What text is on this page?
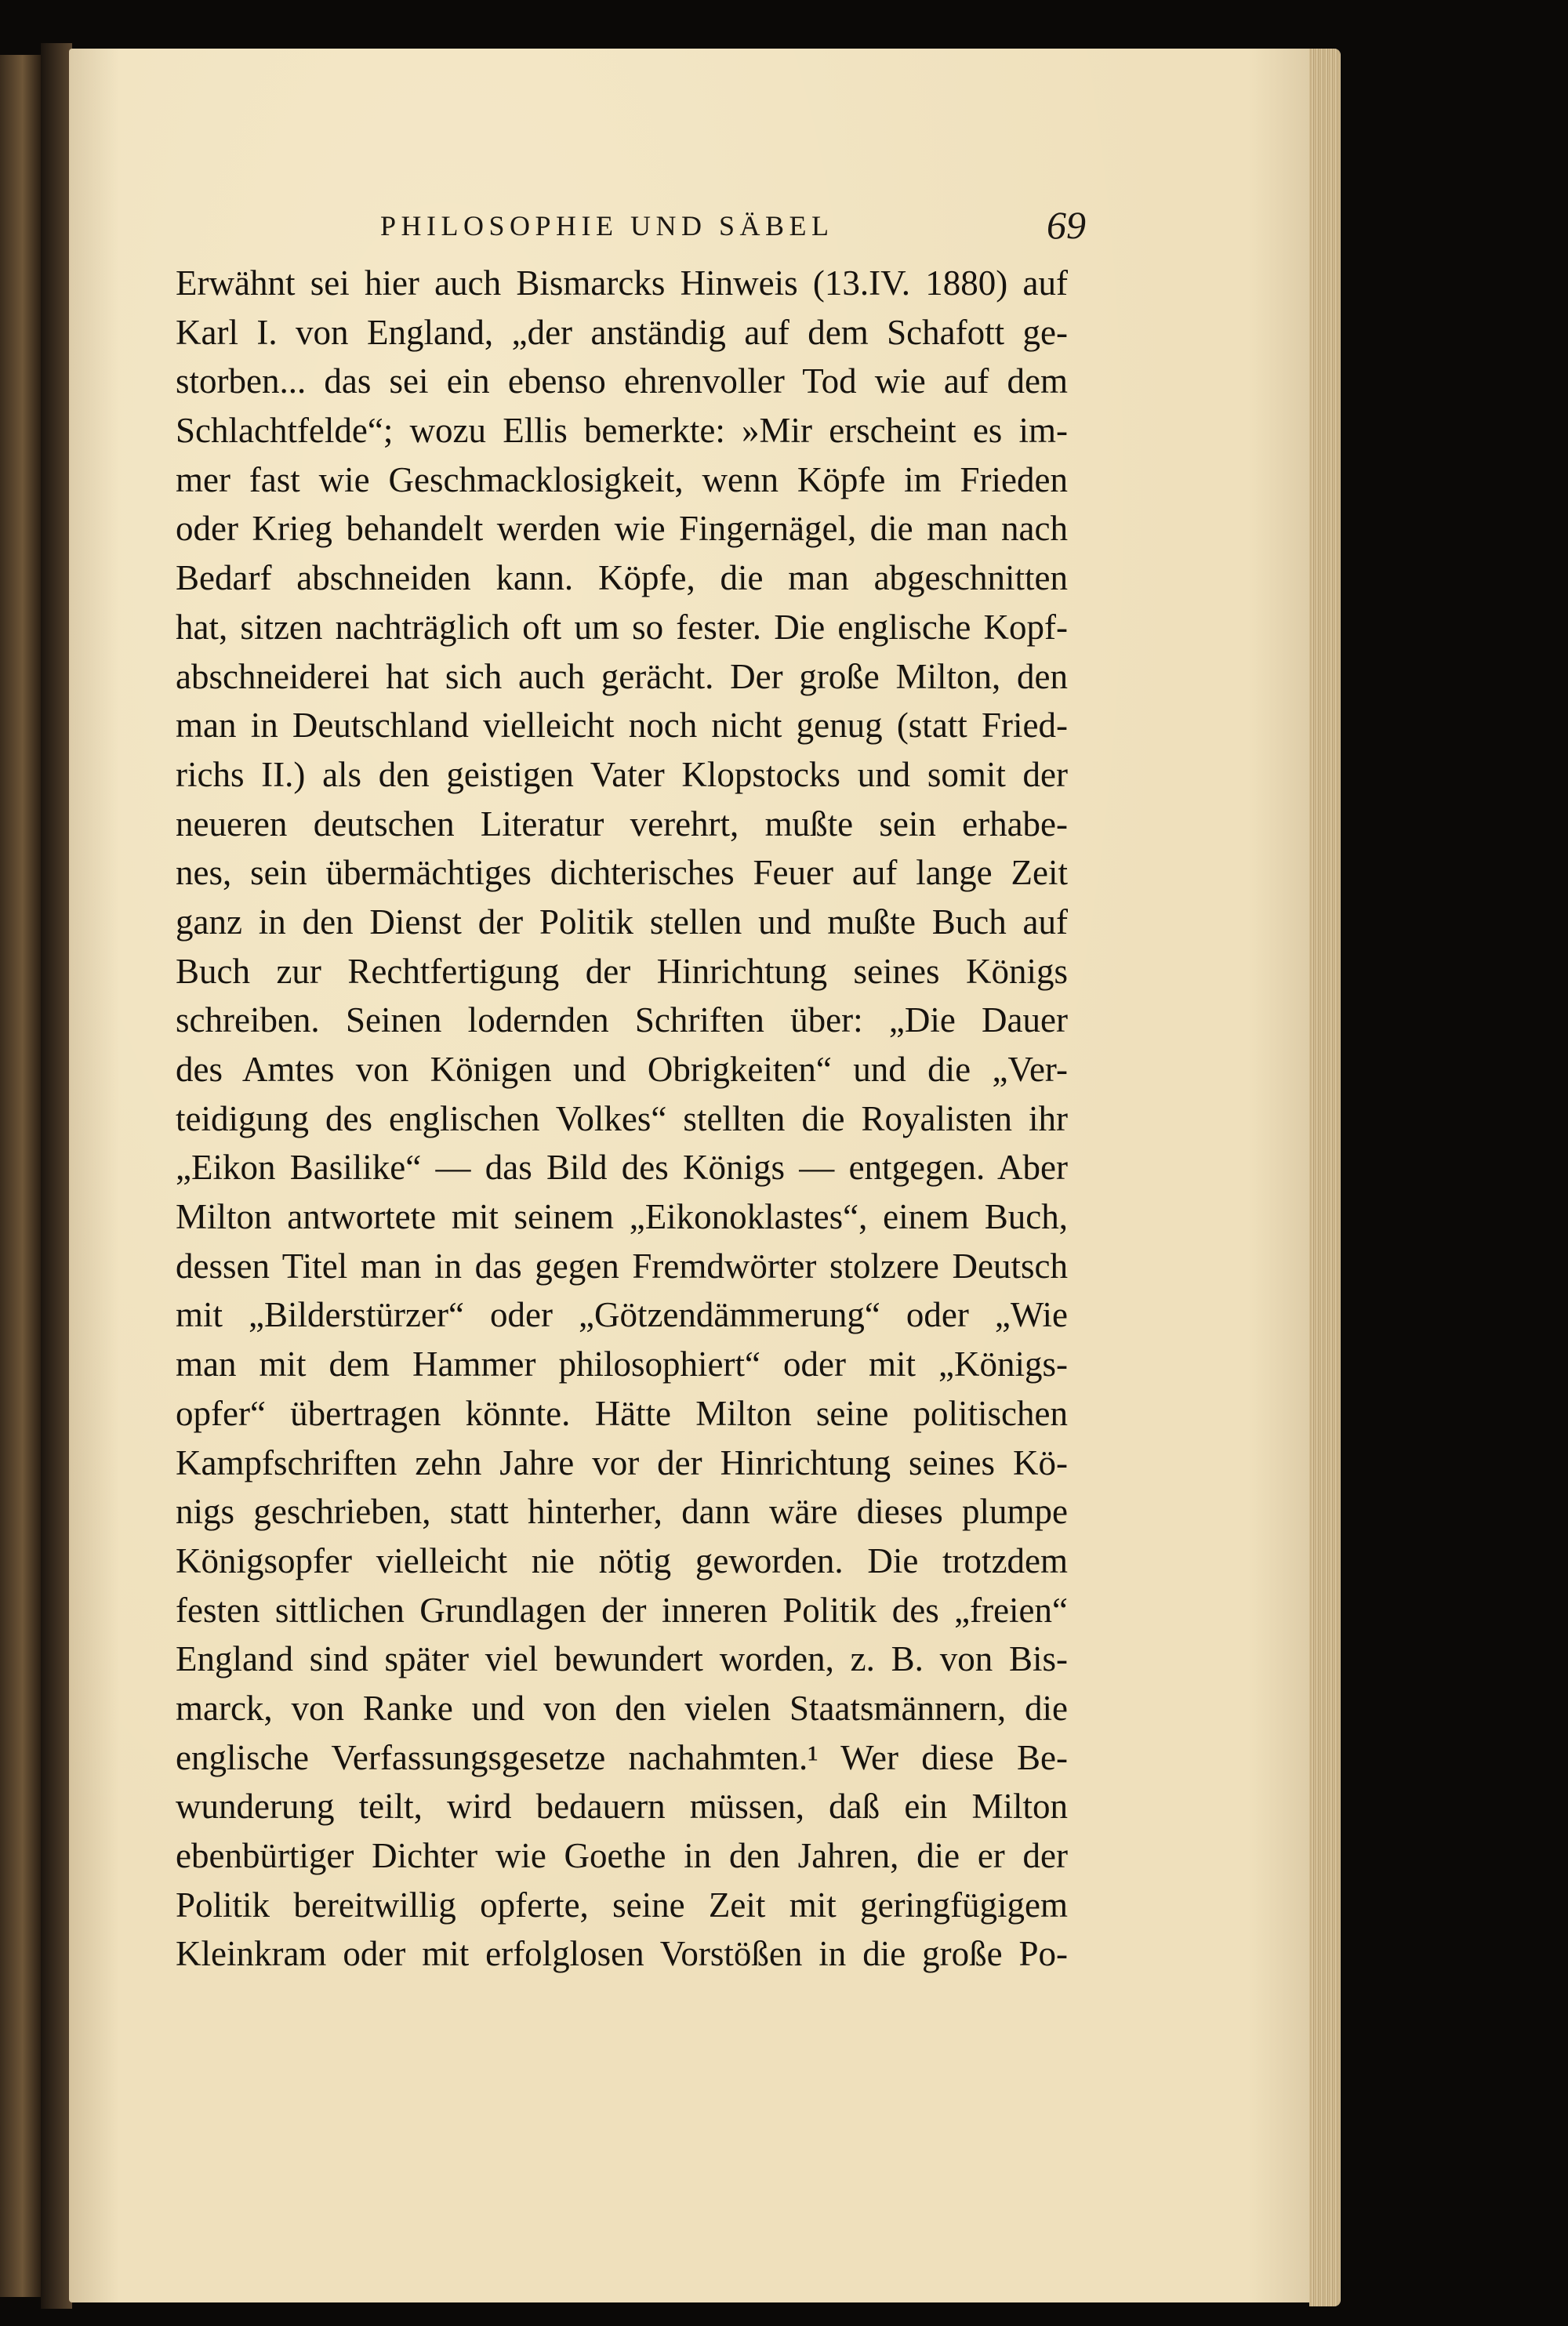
PHILOSOPHIE UND SÄBEL	69
Erwähnt sei hier auch Bismarcks Hinweis (13.IV. 1880) auf
Karl I. von England, „der anständig auf dem Schafott ge-
storben... das sei ein ebenso ehrenvoller Tod wie auf dem
Schlachtfelde“; wozu Ellis bemerkte: »Mir erscheint es im-
mer fast wie Geschmacklosigkeit, wenn Köpfe im Frieden
oder Krieg behandelt werden wie Fingernägel, die man nach
Bedarf abschneiden kann. Köpfe, die man abgeschnitten
hat, sitzen nachträglich oft um so fester. Die englische Kopf-
abschneiderei hat sich auch gerächt. Der große Milton, den
man in Deutschland vielleicht noch nicht genug (statt Fried-
richs II.) als den geistigen Vater Klopstocks und somit der
neueren deutschen Literatur verehrt, mußte sein erhabe-
nes, sein übermächtiges dichterisches Feuer auf lange Zeit
ganz in den Dienst der Politik stellen und mußte Buch auf
Buch zur Rechtfertigung der Hinrichtung seines Königs
schreiben. Seinen lodernden Schriften über: „Die Dauer
des Amtes von Königen und Obrigkeiten“ und die „Ver-
teidigung des englischen Volkes“ stellten die Royalisten ihr
„Eikon Basilike“ — das Bild des Königs — entgegen. Aber
Milton antwortete mit seinem „Eikonoklastes“, einem Buch,
dessen Titel man in das gegen Fremdwörter stolzere Deutsch
mit „Bilderstürzer“ oder „Götzendämmerung“ oder „Wie
man mit dem Hammer philosophiert“ oder mit „Königs-
opfer“ übertragen könnte. Hätte Milton seine politischen
Kampfschriften zehn Jahre vor der Hinrichtung seines Kö-
nigs geschrieben, statt hinterher, dann wäre dieses plumpe
Königsopfer vielleicht nie nötig geworden. Die trotzdem
festen sittlichen Grundlagen der inneren Politik des „freien“
England sind später viel bewundert worden, z. B. von Bis-
marck, von Ranke und von den vielen Staatsmännern, die
englische Verfassungsgesetze nachahmten.¹ Wer diese Be-
wunderung teilt, wird bedauern müssen, daß ein Milton
ebenbürtiger Dichter wie Goethe in den Jahren, die er der
Politik bereitwillig opferte, seine Zeit mit geringfügigem
Kleinkram oder mit erfolglosen Vorstößen in die große Po-
